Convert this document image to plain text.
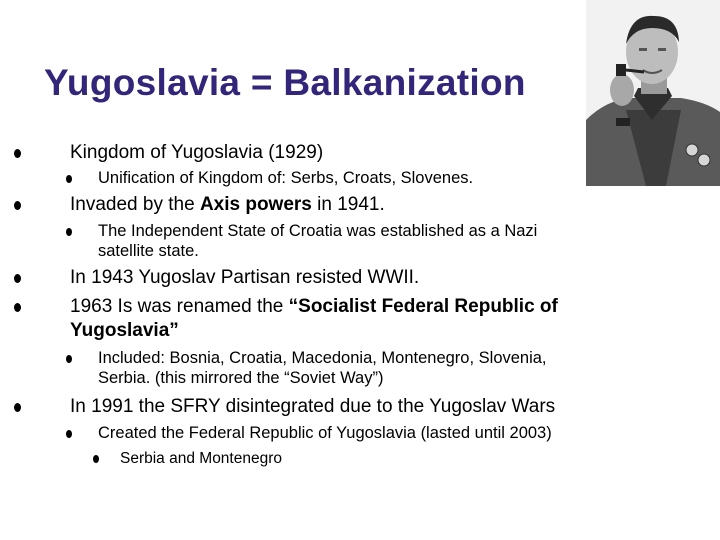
Yugoslavia = Balkanization
Kingdom of Yugoslavia (1929)
Unification of Kingdom of: Serbs, Croats, Slovenes.
Invaded by the Axis powers in 1941.
The Independent State of Croatia was established as a Nazi
satellite state.
In 1943 Yugoslav Partisan resisted WWII.
1963 Is was renamed the “Socialist Federal Republic of
Yugoslavia”
Included: Bosnia, Croatia, Macedonia, Montenegro, Slovenia,
Serbia. (this mirrored the “Soviet Way”)
In 1991 the SFRY disintegrated due to the Yugoslav Wars
Created the Federal Republic of Yugoslavia (lasted until 2003)
Serbia and Montenegro
